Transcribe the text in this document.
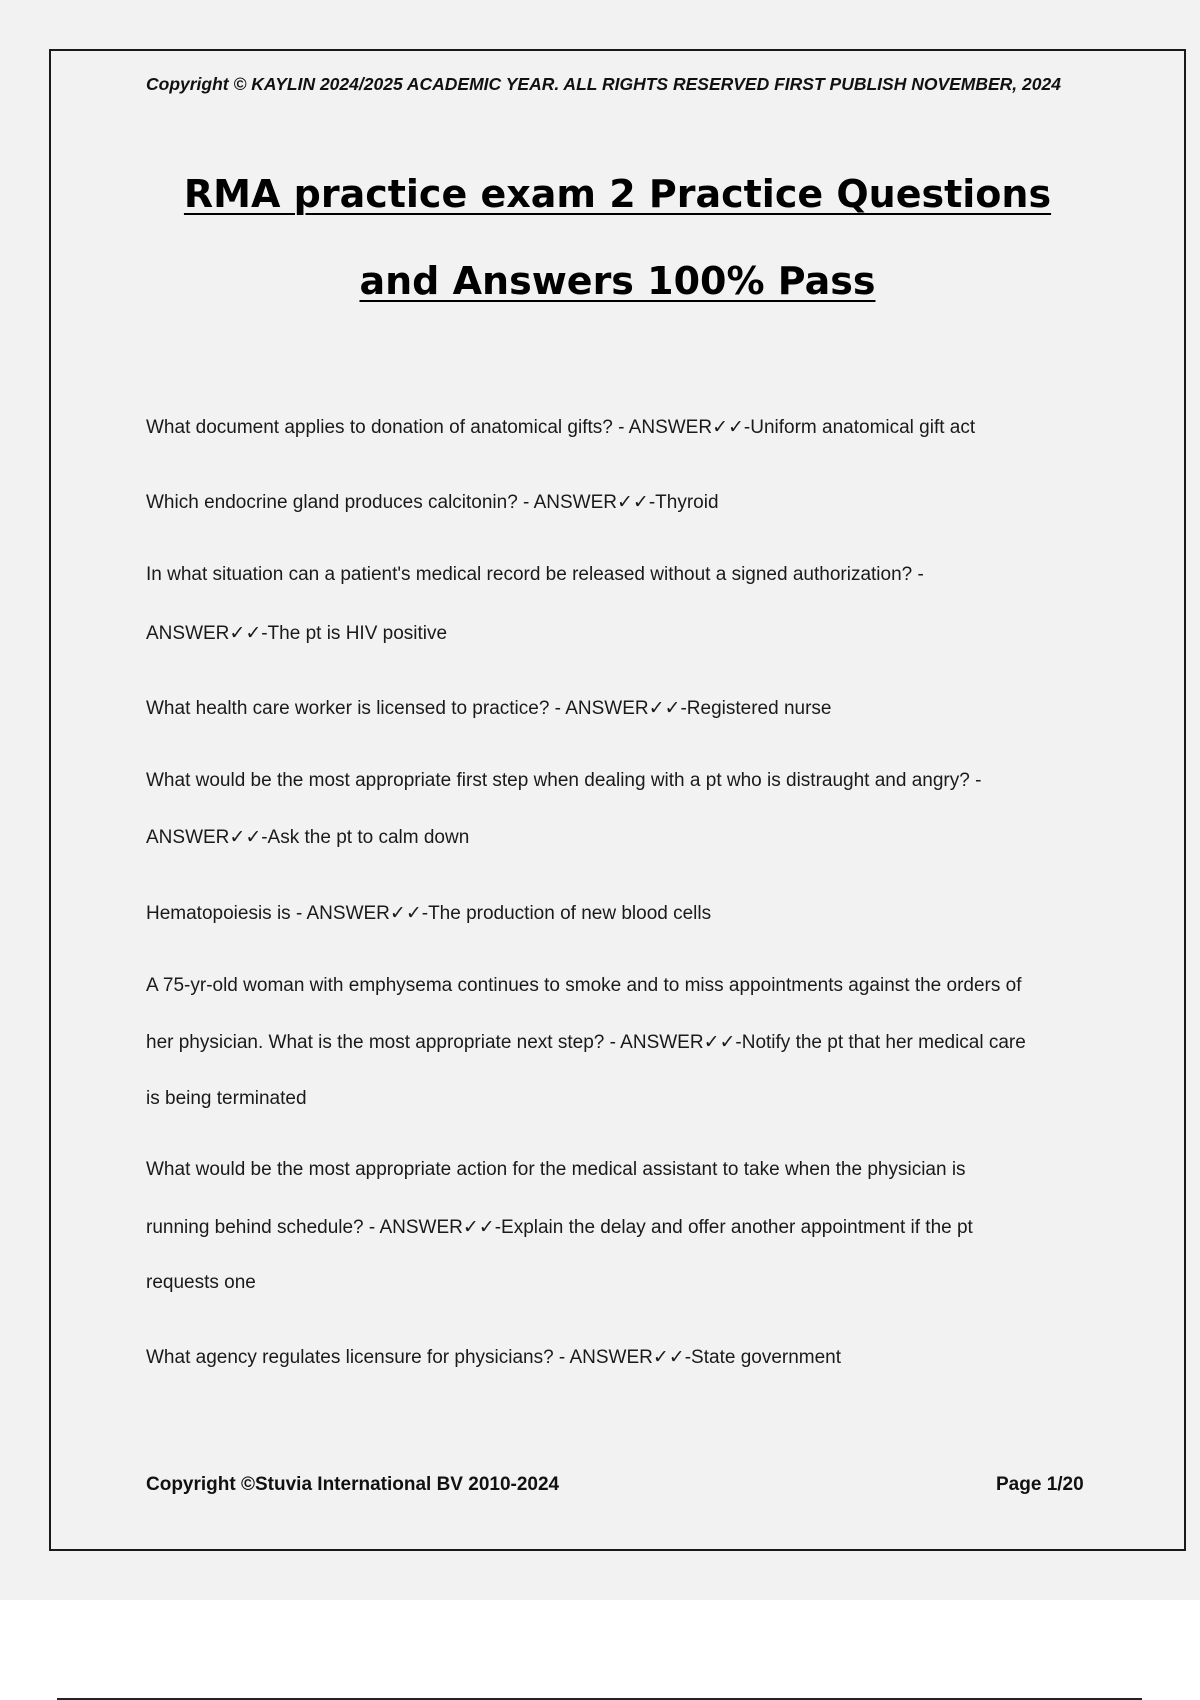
Copyright © KAYLIN 2024/2025 ACADEMIC YEAR. ALL RIGHTS RESERVED FIRST PUBLISH NOVEMBER, 2024
RMA practice exam 2 Practice Questions
and Answers 100% Pass
What document applies to donation of anatomical gifts? - ANSWER✓✓-Uniform anatomical gift act
Which endocrine gland produces calcitonin? - ANSWER✓✓-Thyroid
In what situation can a patient's medical record be released without a signed authorization? -
ANSWER✓✓-The pt is HIV positive
What health care worker is licensed to practice? - ANSWER✓✓-Registered nurse
What would be the most appropriate first step when dealing with a pt who is distraught and angry? -
ANSWER✓✓-Ask the pt to calm down
Hematopoiesis is - ANSWER✓✓-The production of new blood cells
A 75-yr-old woman with emphysema continues to smoke and to miss appointments against the orders of
her physician. What is the most appropriate next step? - ANSWER✓✓-Notify the pt that her medical care
is being terminated
What would be the most appropriate action for the medical assistant to take when the physician is
running behind schedule? - ANSWER✓✓-Explain the delay and offer another appointment if the pt
requests one
What agency regulates licensure for physicians? - ANSWER✓✓-State government
Copyright ©Stuvia International BV 2010-2024	Page 1/20
